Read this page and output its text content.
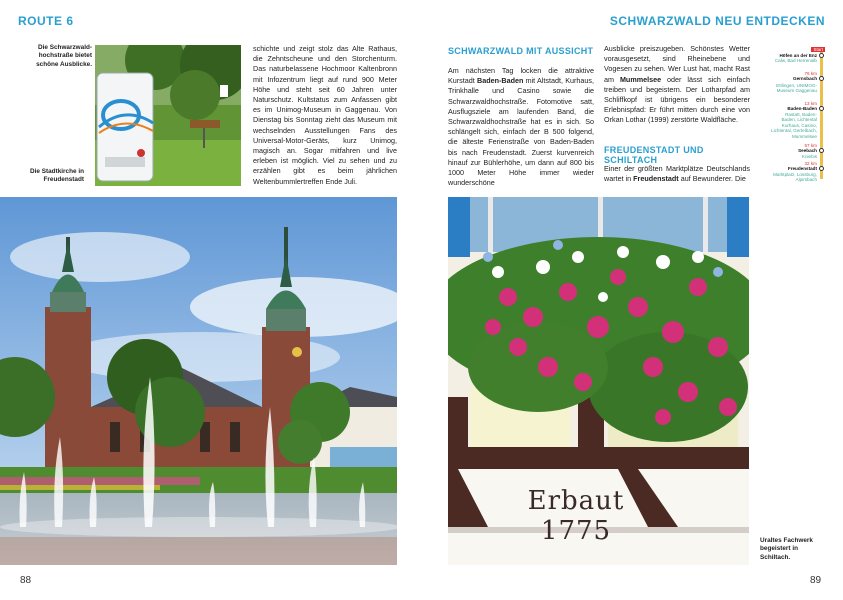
ROUTE 6	SCHWARZWALD NEU ENTDECKEN
Die Schwarzwald-
hochstraße bietet
schöne Ausblicke.
Die Stadtkirche in
Freudenstadt

schichte und zeigt stolz das Alte Rathaus, die Zehntscheune und den Storchenturm. Das naturbelassene Hochmoor Kaltenbronn mit Infozentrum liegt auf rund 900 Meter Höhe und steht seit 60 Jahren unter Naturschutz. Kultstatus zum Anfassen gibt es im Unimog-Museum in Gaggenau. Von Dienstag bis Sonntag zieht das Museum mit wechselnden Ausstellungen Fans des Universal-Motor-Geräts, kurz Unimog, magisch an. Sogar mitfahren und live erleben ist möglich. Viel zu sehen und zu erzählen gibt es beim jährlichen Weltenbummlertreffen Ende Juli.

88
SCHWARZWALD MIT AUSSICHT

Am nächsten Tag locken die attraktive Kurstadt Baden-Baden mit Altstadt, Kurhaus, Trinkhalle und Casino sowie die Schwarzwaldhochstraße. Fotomotive satt, Ausflugsziele am laufenden Band, die Schwarzwaldhochstraße hat es in sich. So schlängelt sich, einfach der B 500 folgend, die älteste Ferienstraße von Baden-Baden bis nach Freudenstadt. Zuerst kurvenreich hinauf zur Bühlerhöhe, um dann auf 800 bis 1000 Meter Höhe immer wieder wunderschöne

Ausblicke preiszugeben. Schönstes Wetter vorausgesetzt, sind Rheinebene und Vogesen zu sehen. Wer Lust hat, macht Rast am Mummelsee oder lässt sich einfach treiben und begeistern. Der Lotharpfad am Schliffkopf ist übrigens ein besonderer Erlebnispfad: Er führt mitten durch eine von Orkan Lothar (1999) zerstörte Waldfläche.

FREUDENSTADT UND SCHILTACH

Einer der größten Marktplätze Deutschlands wartet in Freudenstadt auf Bewunderer. Die

Start
Höfen an der Enz
Calw, Bad Herrenalb
76 km
Gernsbach
Ettlingen, UNIMOG-Museum Gaggenau
13 km
Baden-Baden
Rastatt, Baden-Baden, Lichtental
Kurhaus, Casino, Lichtental, Gertelbach, Mummelsee
57 km
Seebach
Kniebis
32 km
Freudenstadt
Marktplatz, Lossburg, Alpirsbach
Erbaut
1775	Uraltes Fachwerk
begeistert in
Schiltach.
89
